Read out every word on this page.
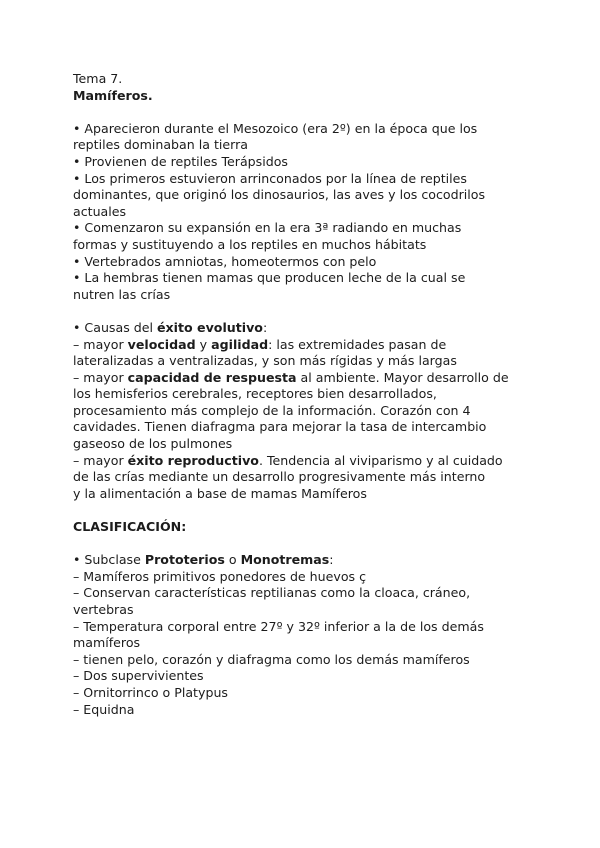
Tema 7.
Mamíferos.
• Aparecieron durante el Mesozoico (era 2º) en la época que los
reptiles dominaban la tierra
• Provienen de reptiles Terápsidos
• Los primeros estuvieron arrinconados por la línea de reptiles
dominantes, que originó los dinosaurios, las aves y los cocodrilos
actuales
• Comenzaron su expansión en la era 3ª radiando en muchas
formas y sustituyendo a los reptiles en muchos hábitats
• Vertebrados amniotas, homeotermos con pelo
• La hembras tienen mamas que producen leche de la cual se
nutren las crías
• Causas del éxito evolutivo:
– mayor velocidad y agilidad: las extremidades pasan de
lateralizadas a ventralizadas, y son más rígidas y más largas
– mayor capacidad de respuesta al ambiente. Mayor desarrollo de
los hemisferios cerebrales, receptores bien desarrollados,
procesamiento más complejo de la información. Corazón con 4
cavidades. Tienen diafragma para mejorar la tasa de intercambio
gaseoso de los pulmones
– mayor éxito reproductivo. Tendencia al viviparismo y al cuidado
de las crías mediante un desarrollo progresivamente más interno
y la alimentación a base de mamas Mamíferos
CLASIFICACIÓN:
• Subclase Prototerios o Monotremas:
– Mamíferos primitivos ponedores de huevos ç
– Conservan características reptilianas como la cloaca, cráneo,
vertebras
– Temperatura corporal entre 27º y 32º inferior a la de los demás
mamíferos
– tienen pelo, corazón y diafragma como los demás mamíferos
– Dos supervivientes
– Ornitorrinco o Platypus
– Equidna
